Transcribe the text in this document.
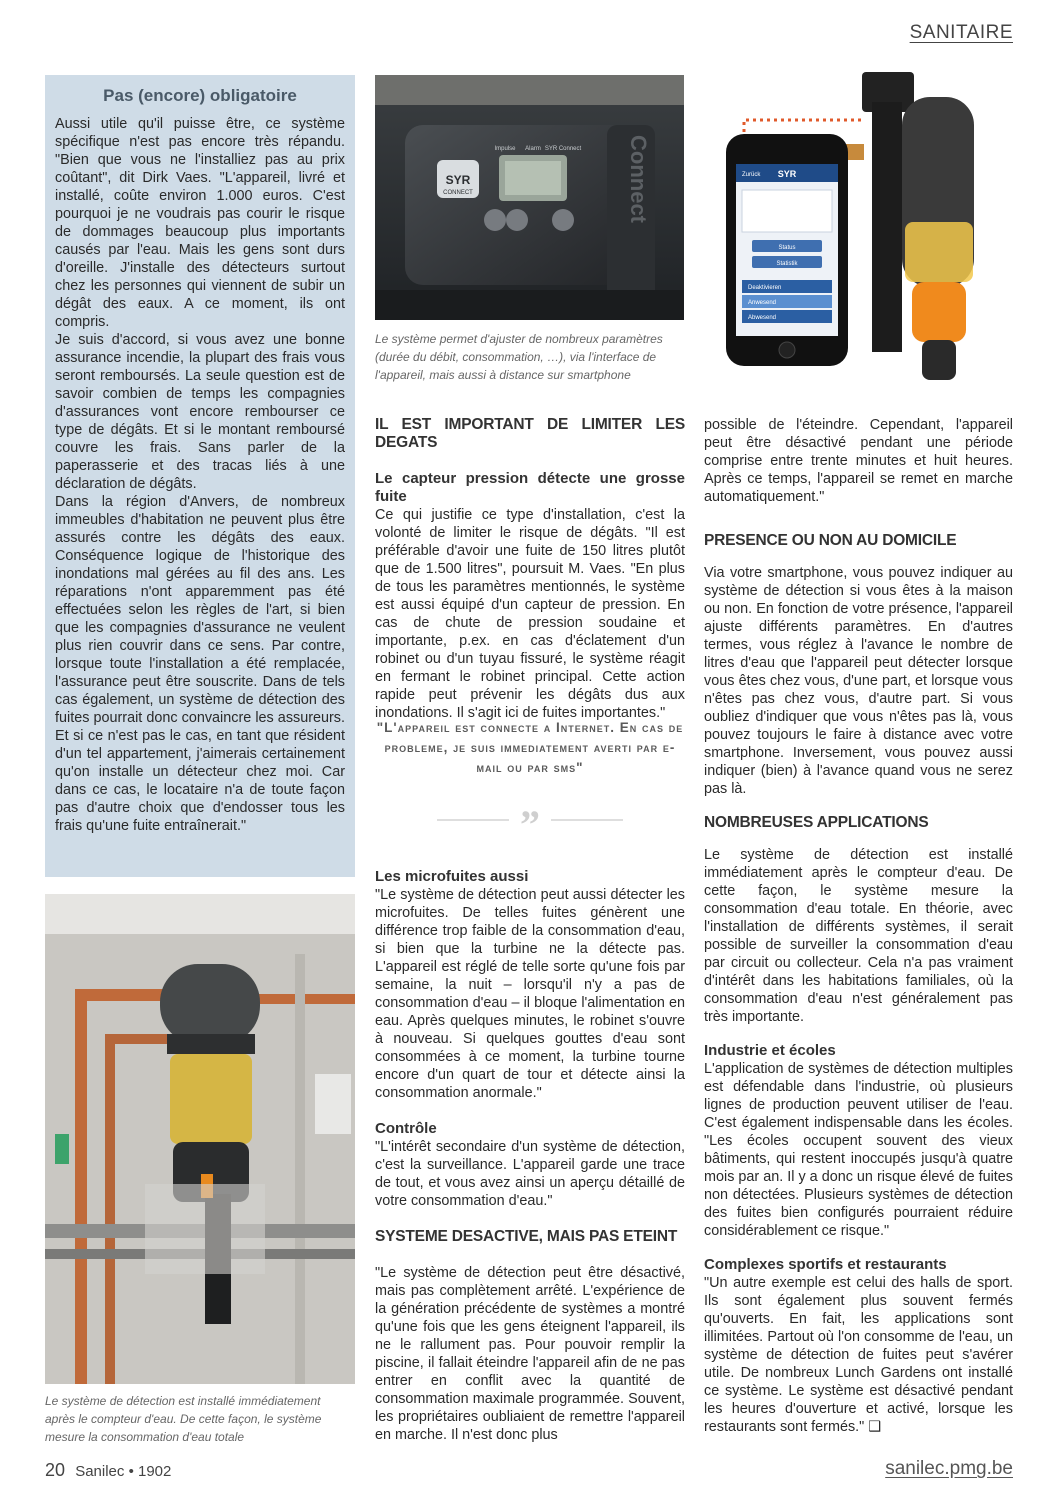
SANITAIRE
Pas (encore) obligatoire

Aussi utile qu'il puisse être, ce système spécifique n'est pas encore très répandu. "Bien que vous ne l'installiez pas au prix coûtant", dit Dirk Vaes. "L'appareil, livré et installé, coûte environ 1.000 euros. C'est pourquoi je ne voudrais pas courir le risque de dommages beaucoup plus importants causés par l'eau. Mais les gens sont durs d'oreille. J'installe des détecteurs surtout chez les personnes qui viennent de subir un dégât des eaux. A ce moment, ils ont compris.

Je suis d'accord, si vous avez une bonne assurance incendie, la plupart des frais vous seront remboursés. La seule question est de savoir combien de temps les compagnies d'assurances vont encore rembourser ce type de dégâts. Et si le montant remboursé couvre les frais. Sans parler de la paperasserie et des tracas liés à une déclaration de dégâts.

Dans la région d'Anvers, de nombreux immeubles d'habitation ne peuvent plus être assurés contre les dégâts des eaux. Conséquence logique de l'historique des inondations mal gérées au fil des ans. Les réparations n'ont apparemment pas été effectuées selon les règles de l'art, si bien que les compagnies d'assurance ne veulent plus rien couvrir dans ce sens. Par contre, lorsque toute l'installation a été remplacée, l'assurance peut être souscrite. Dans de tels cas également, un système de détection des fuites pourrait donc convaincre les assureurs. Et si ce n'est pas le cas, en tant que résident d'un tel appartement, j'aimerais certainement qu'on installe un détecteur chez moi. Car dans ce cas, le locataire n'a de toute façon pas d'autre choix que d'endosser tous les frais qu'une fuite entraînerait."

SYR
CONNECT
Impulse Alarm SYR Connect Connect
Le système permet d'ajuster de nombreux paramètres (durée du débit, consommation, …), via l'interface de l'appareil, mais aussi à distance sur smartphone
Zurück SYR
Status
Statistik
Deaktivieren
Anwesend
Abwesend
Le système de détection est installé immédiatement après le compteur d'eau. De cette façon, le système mesure la consommation d'eau totale
IL EST IMPORTANT DE LIMITER LES DEGATS
Le capteur pression détecte une grosse fuite

Ce qui justifie ce type d'installation, c'est la volonté de limiter le risque de dégâts. "Il est préférable d'avoir une fuite de 150 litres plutôt que de 1.500 litres", poursuit M. Vaes. "En plus de tous les paramètres mentionnés, le système est aussi équipé d'un capteur de pression. En cas de chute de pression soudaine et importante, p.ex. en cas d'éclatement d'un robinet ou d'un tuyau fissuré, le système réagit en fermant le robinet principal. Cette action rapide peut prévenir les dégâts dus aux inondations. Il s'agit ici de fuites importantes."

"L'appareil est connecte a Internet. En cas de probleme, je suis immediatement averti par e-mail ou par sms"
”
Les microfuites aussi

"Le système de détection peut aussi détecter les microfuites. De telles fuites génèrent une différence trop faible de la consommation d'eau, si bien que la turbine ne la détecte pas. L'appareil est réglé de telle sorte qu'une fois par semaine, la nuit – lorsqu'il n'y a pas de consommation d'eau – il bloque l'alimentation en eau. Après quelques minutes, le robinet s'ouvre à nouveau. Si quelques gouttes d'eau sont consommées à ce moment, la turbine tourne encore d'un quart de tour et détecte ainsi la consommation anormale."

Contrôle

"L'intérêt secondaire d'un système de détection, c'est la surveillance. L'appareil garde une trace de tout, et vous avez ainsi un aperçu détaillé de votre consommation d'eau."

SYSTEME DESACTIVE, MAIS PAS ETEINT

"Le système de détection peut être désactivé, mais pas complètement arrêté. L'expérience de la génération précédente de systèmes a montré qu'une fois que les gens éteignent l'appareil, ils ne le rallument pas. Pour pouvoir remplir la piscine, il fallait éteindre l'appareil afin de ne pas entrer en conflit avec la quantité de consommation maximale programmée. Souvent, les propriétaires oubliaient de remettre l'appareil en marche. Il n'est donc plus

possible de l'éteindre. Cependant, l'appareil peut être désactivé pendant une période comprise entre trente minutes et huit heures. Après ce temps, l'appareil se remet en marche automatiquement."

PRESENCE OU NON AU DOMICILE

Via votre smartphone, vous pouvez indiquer au système de détection si vous êtes à la maison ou non. En fonction de votre présence, l'appareil ajuste différents paramètres. En d'autres termes, vous réglez à l'avance le nombre de litres d'eau que l'appareil peut détecter lorsque vous êtes chez vous, d'une part, et lorsque vous n'êtes pas chez vous, d'autre part. Si vous oubliez d'indiquer que vous n'êtes pas là, vous pouvez toujours le faire à distance avec votre smartphone. Inversement, vous pouvez aussi indiquer (bien) à l'avance quand vous ne serez pas là.

NOMBREUSES APPLICATIONS

Le système de détection est installé immédiatement après le compteur d'eau. De cette façon, le système mesure la consommation d'eau totale. En théorie, avec l'installation de différents systèmes, il serait possible de surveiller la consommation d'eau par circuit ou collecteur. Cela n'a pas vraiment d'intérêt dans les habitations familiales, où la consommation d'eau n'est généralement pas très importante.

Industrie et écoles

L'application de systèmes de détection multiples est défendable dans l'industrie, où plusieurs lignes de production peuvent utiliser de l'eau. C'est également indispensable dans les écoles. "Les écoles occupent souvent des vieux bâtiments, qui restent inoccupés jusqu'à quatre mois par an. Il y a donc un risque élevé de fuites non détectées. Plusieurs systèmes de détection des fuites bien configurés pourraient réduire considérablement ce risque."

Complexes sportifs et restaurants

"Un autre exemple est celui des halls de sport. Ils sont également plus souvent fermés qu'ouverts. En fait, les applications sont illimitées. Partout où l'on consomme de l'eau, un système de détection de fuites peut s'avérer utile. De nombreux Lunch Gardens ont installé ce système. Le système est désactivé pendant les heures d'ouverture et activé, lorsque les restaurants sont fermés." ❑

20 Sanilec • 1902	sanilec.pmg.be
